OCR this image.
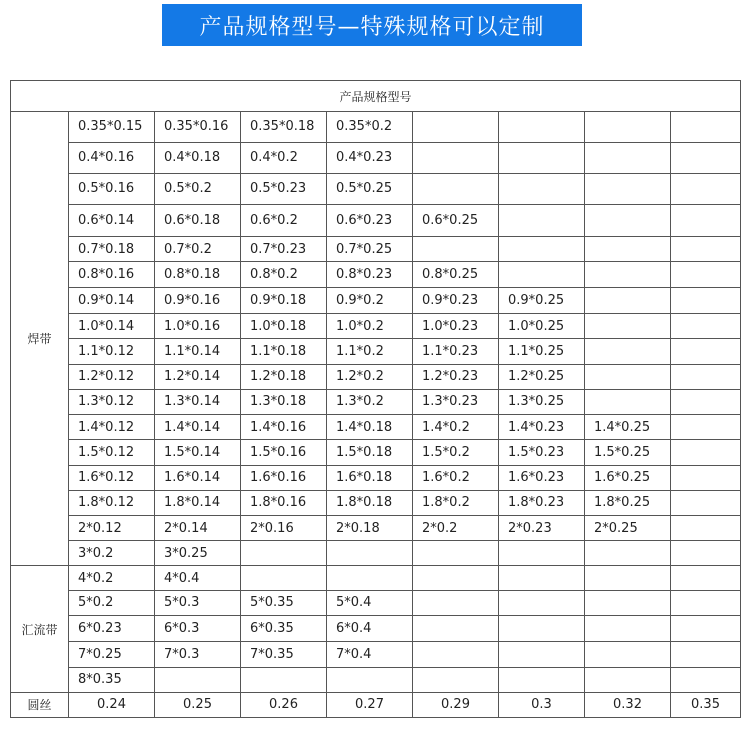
产品规格型号—特殊规格可以定制
产品规格型号								
焊带	0.35*0.15	0.35*0.16	0.35*0.18	0.35*0.2				
	0.4*0.16	0.4*0.18	0.4*0.2	0.4*0.23				
	0.5*0.16	0.5*0.2	0.5*0.23	0.5*0.25				
	0.6*0.14	0.6*0.18	0.6*0.2	0.6*0.23	0.6*0.25			
	0.7*0.18	0.7*0.2	0.7*0.23	0.7*0.25				
	0.8*0.16	0.8*0.18	0.8*0.2	0.8*0.23	0.8*0.25			
	0.9*0.14	0.9*0.16	0.9*0.18	0.9*0.2	0.9*0.23	0.9*0.25		
	1.0*0.14	1.0*0.16	1.0*0.18	1.0*0.2	1.0*0.23	1.0*0.25		
	1.1*0.12	1.1*0.14	1.1*0.18	1.1*0.2	1.1*0.23	1.1*0.25		
	1.2*0.12	1.2*0.14	1.2*0.18	1.2*0.2	1.2*0.23	1.2*0.25		
	1.3*0.12	1.3*0.14	1.3*0.18	1.3*0.2	1.3*0.23	1.3*0.25		
	1.4*0.12	1.4*0.14	1.4*0.16	1.4*0.18	1.4*0.2	1.4*0.23	1.4*0.25	
	1.5*0.12	1.5*0.14	1.5*0.16	1.5*0.18	1.5*0.2	1.5*0.23	1.5*0.25	
	1.6*0.12	1.6*0.14	1.6*0.16	1.6*0.18	1.6*0.2	1.6*0.23	1.6*0.25	
	1.8*0.12	1.8*0.14	1.8*0.16	1.8*0.18	1.8*0.2	1.8*0.23	1.8*0.25	
	2*0.12	2*0.14	2*0.16	2*0.18	2*0.2	2*0.23	2*0.25	
	3*0.2	3*0.25						
汇流带	4*0.2	4*0.4						
	5*0.2	5*0.3	5*0.35	5*0.4				
	6*0.23	6*0.3	6*0.35	6*0.4				
	7*0.25	7*0.3	7*0.35	7*0.4				
	8*0.35							
圆丝	0.24	0.25	0.26	0.27	0.29	0.3	0.32	0.35
